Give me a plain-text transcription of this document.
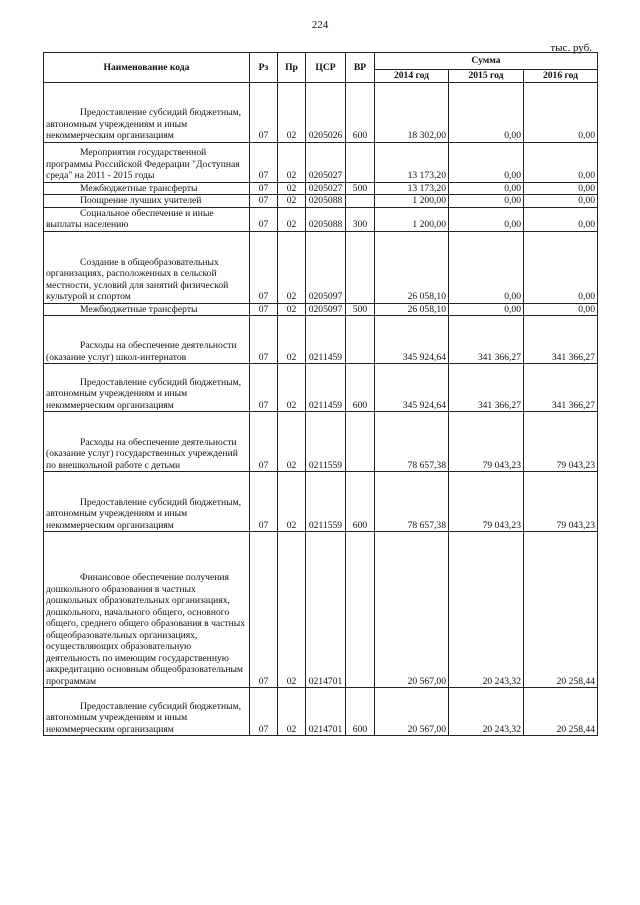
224
тыс. руб.
Наименование кода	Рз	Пр	ЦСР	ВР	Сумма		
					2014 год	2015 год	2016 год
Предоставление субсидий бюджетным, автономным учреждениям и иным некоммерческим организациям	07	02	0205026	600	18 302,00	0,00	0,00
Мероприятия государственной программы Российской Федерации "Доступная среда" на 2011 - 2015 годы	07	02	0205027		13 173,20	0,00	0,00
Межбюджетные трансферты	07	02	0205027	500	13 173,20	0,00	0,00
Поощрение лучших учителей	07	02	0205088		1 200,00	0,00	0,00
Социальное обеспечение и иные выплаты населению	07	02	0205088	300	1 200,00	0,00	0,00
Создание в общеобразовательных организациях, расположенных в сельской местности, условий для занятий физической культурой и спортом	07	02	0205097		26 058,10	0,00	0,00
Межбюджетные трансферты	07	02	0205097	500	26 058,10	0,00	0,00
Расходы на обеспечение деятельности (оказание услуг) школ-интернатов	07	02	0211459		345 924,64	341 366,27	341 366,27
Предоставление субсидий бюджетным, автономным учреждениям и иным некоммерческим организациям	07	02	0211459	600	345 924,64	341 366,27	341 366,27
Расходы на обеспечение деятельности (оказание услуг) государственных учреждений по внешкольной работе с детьми	07	02	0211559		78 657,38	79 043,23	79 043,23
Предоставление субсидий бюджетным, автономным учреждениям и иным некоммерческим организациям	07	02	0211559	600	78 657,38	79 043,23	79 043,23
Финансовое обеспечение получения дошкольного образования в частных дошкольных образовательных организациях, дошкольного, начального общего, основного общего, среднего общего образования в частных общеобразовательных организациях, осуществляющих образовательную деятельность по имеющим государственную аккредитацию основным общеобразовательным программам	07	02	0214701		20 567,00	20 243,32	20 258,44
Предоставление субсидий бюджетным, автономным учреждениям и иным некоммерческим организациям	07	02	0214701	600	20 567,00	20 243,32	20 258,44
